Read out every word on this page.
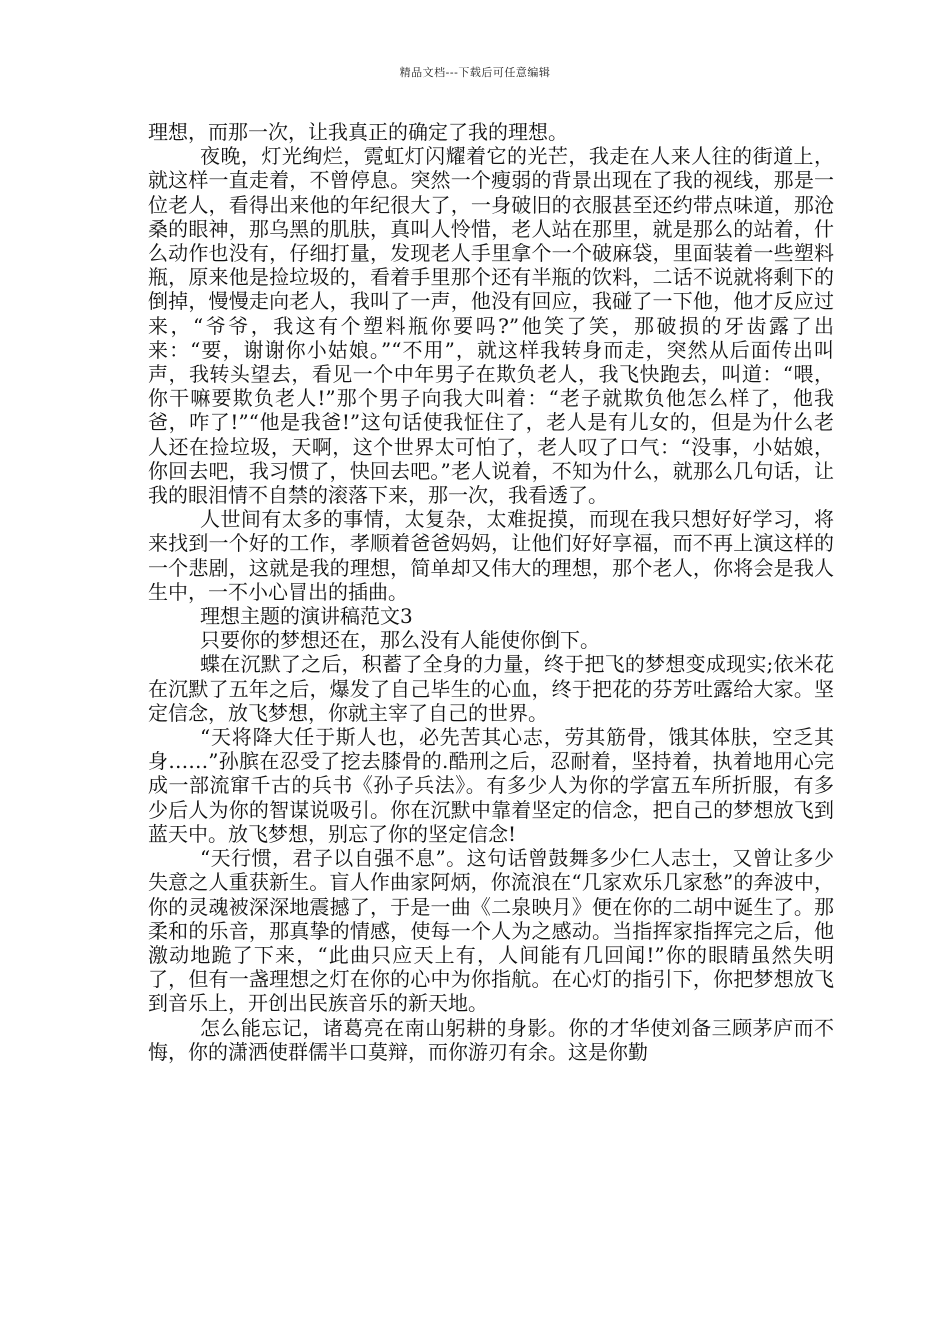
精品文档---下载后可任意编辑

理想，而那一次，让我真正的确定了我的理想。

夜晚，灯光绚烂，霓虹灯闪耀着它的光芒，我走在人来人往的街道上，就这样一直走着，不曾停息。突然一个瘦弱的背景出现在了我的视线，那是一位老人，看得出来他的年纪很大了，一身破旧的衣服甚至还约带点味道，那沧桑的眼神，那乌黑的肌肤，真叫人怜惜，老人站在那里，就是那么的站着，什么动作也没有，仔细打量，发现老人手里拿个一个破麻袋，里面装着一些塑料瓶，原来他是捡垃圾的，看着手里那个还有半瓶的饮料，二话不说就将剩下的倒掉，慢慢走向老人，我叫了一声，他没有回应，我碰了一下他，他才反应过来，“爷爷，我这有个塑料瓶你要吗?”他笑了笑，那破损的牙齿露了出来：“要，谢谢你小姑娘。”“不用”，就这样我转身而走，突然从后面传出叫声，我转头望去，看见一个中年男子在欺负老人，我飞快跑去，叫道：“喂，你干嘛要欺负老人!”那个男子向我大叫着：“老子就欺负他怎么样了，他我爸，咋了!”“他是我爸!”这句话使我怔住了，老人是有儿女的，但是为什么老人还在捡垃圾，天啊，这个世界太可怕了，老人叹了口气：“没事，小姑娘，你回去吧，我习惯了，快回去吧。”老人说着，不知为什么，就那么几句话，让我的眼泪情不自禁的滚落下来，那一次，我看透了。

人世间有太多的事情，太复杂，太难捉摸，而现在我只想好好学习，将来找到一个好的工作，孝顺着爸爸妈妈，让他们好好享福，而不再上演这样的一个悲剧，这就是我的理想，简单却又伟大的理想，那个老人，你将会是我人生中，一不小心冒出的插曲。

理想主题的演讲稿范文3

只要你的梦想还在，那么没有人能使你倒下。

蝶在沉默了之后，积蓄了全身的力量，终于把飞的梦想变成现实;依米花在沉默了五年之后，爆发了自己毕生的心血，终于把花的芬芳吐露给大家。坚定信念，放飞梦想，你就主宰了自己的世界。

“天将降大任于斯人也，必先苦其心志，劳其筋骨，饿其体肤，空乏其身……”孙膑在忍受了挖去膝骨的.酷刑之后，忍耐着，坚持着，执着地用心完成一部流窜千古的兵书《孙子兵法》。有多少人为你的学富五车所折服，有多少后人为你的智谋说吸引。你在沉默中靠着坚定的信念，把自己的梦想放飞到蓝天中。放飞梦想，别忘了你的坚定信念!

“天行惯，君子以自强不息”。这句话曾鼓舞多少仁人志士，又曾让多少失意之人重获新生。盲人作曲家阿炳，你流浪在“几家欢乐几家愁”的奔波中，你的灵魂被深深地震撼了，于是一曲《二泉映月》便在你的二胡中诞生了。那柔和的乐音，那真挚的情感，使每一个人为之感动。当指挥家指挥完之后，他激动地跪了下来，“此曲只应天上有，人间能有几回闻!”你的眼睛虽然失明了，但有一盏理想之灯在你的心中为你指航。在心灯的指引下，你把梦想放飞到音乐上，开创出民族音乐的新天地。

怎么能忘记，诸葛亮在南山躬耕的身影。你的才华使刘备三顾茅庐而不悔，你的潇洒使群儒半口莫辩，而你游刃有余。这是你勤
